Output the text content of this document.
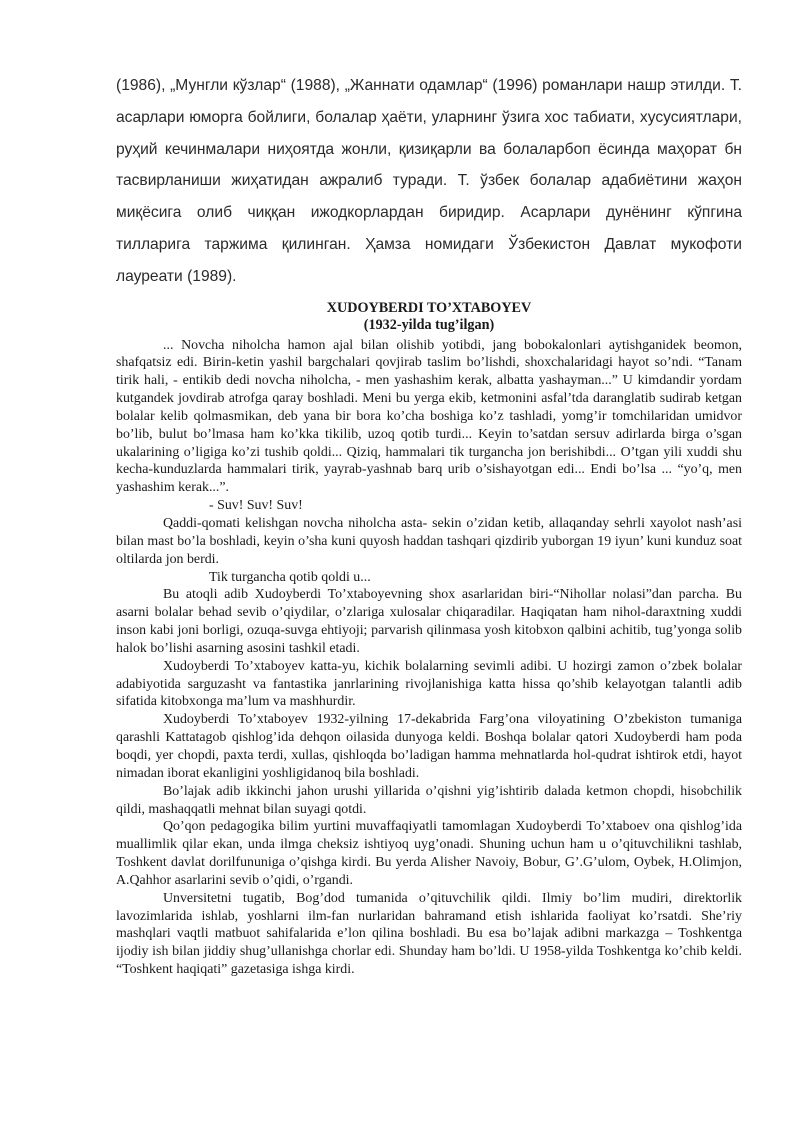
(1986), „Мунгли кўзлар“ (1988), „Жаннати одамлар“ (1996) романлари нашр этилди. Т. асарлари юморга бойлиги, болалар ҳаёти, уларнинг ўзига хос табиати, хусусиятлари, руҳий кечинмалари ниҳоятда жонли, қизиқарли ва болаларбоп ёсинда маҳорат бн тасвирланиши жиҳатидан ажралиб туради. Т. ўзбек болалар адабиётини жаҳон миқёсига олиб чиққан ижодкорлардан биридир. Асарлари дунёнинг кўпгина тилларига таржима қилинган. Ҳамза номидаги Ўзбекистон Давлат мукофоти лауреати (1989).

XUDOYBERDI TO’XTABOYEV
(1932-yilda tug’ilgan)

... Novcha niholcha hamon ajal bilan olishib yotibdi, jang bobokalonlari aytishganidek beomon, shafqatsiz edi. Birin-ketin yashil bargchalari qovjirab taslim bo’lishdi, shoxchalaridagi hayot so’ndi. “Tanam tirik hali, - entikib dedi novcha niholcha, - men yashashim kerak, albatta yashayman...” U kimdandir yordam kutgandek jovdirab atrofga qaray boshladi. Meni bu yerga ekib, ketmonini asfal’tda daranglatib sudirab ketgan bolalar kelib qolmasmikan, deb yana bir bora ko’cha boshiga ko’z tashladi, yomg’ir tomchilaridan umidvor bo’lib, bulut bo’lmasa ham ko’kka tikilib, uzoq qotib turdi... Keyin to’satdan sersuv adirlarda birga o’sgan ukalarining o’ligiga ko’zi tushib qoldi... Qiziq, hammalari tik turgancha jon berishibdi... O’tgan yili xuddi shu kecha-kunduzlarda hammalari tirik, yayrab-yashnab barq urib o’sishayotgan edi... Endi bo’lsa ... “yo’q, men yashashim kerak...”.

- Suv! Suv! Suv!

Qaddi-qomati kelishgan novcha niholcha asta- sekin o’zidan ketib, allaqanday sehrli xayolot nash’asi bilan mast bo’la boshladi, keyin o’sha kuni quyosh haddan tashqari qizdirib yuborgan 19 iyun’ kuni kunduz soat oltilarda jon berdi.

Tik turgancha qotib qoldi u...

Bu atoqli adib Xudoyberdi To’xtaboyevning shox asarlaridan biri-“Nihollar nolasi”dan parcha. Bu asarni bolalar behad sevib o’qiydilar, o’zlariga xulosalar chiqaradilar. Haqiqatan ham nihol-daraxtning xuddi inson kabi joni borligi, ozuqa-suvga ehtiyoji; parvarish qilinmasa yosh kitobxon qalbini achitib, tug’yonga solib halok bo’lishi asarning asosini tashkil etadi.

Xudoyberdi To’xtaboyev katta-yu, kichik bolalarning sevimli adibi. U hozirgi zamon o’zbek bolalar adabiyotida sarguzasht va fantastika janrlarining rivojlanishiga katta hissa qo’shib kelayotgan talantli adib sifatida kitobxonga ma’lum va mashhurdir.

Xudoyberdi To’xtaboyev 1932-yilning 17-dekabrida Farg’ona viloyatining O’zbekiston tumaniga qarashli Kattatagob qishlog’ida dehqon oilasida dunyoga keldi. Boshqa bolalar qatori Xudoyberdi ham poda boqdi, yer chopdi, paxta terdi, xullas, qishloqda bo’ladigan hamma mehnatlarda hol-qudrat ishtirok etdi, hayot nimadan iborat ekanligini yoshligidanoq bila boshladi.

Bo’lajak adib ikkinchi jahon urushi yillarida o’qishni yig’ishtirib dalada ketmon chopdi, hisobchilik qildi, mashaqqatli mehnat bilan suyagi qotdi.

Qo’qon pedagogika bilim yurtini muvaffaqiyatli tamomlagan Xudoyberdi To’xtaboev ona qishlog’ida muallimlik qilar ekan, unda ilmga cheksiz ishtiyoq uyg’onadi. Shuning uchun ham u o’qituvchilikni tashlab, Toshkent davlat dorilfununiga o’qishga kirdi. Bu yerda Alisher Navoiy, Bobur, G’.G’ulom, Oybek, H.Olimjon, A.Qahhor asarlarini sevib o’qidi, o’rgandi.

Unversitetni tugatib, Bog’dod tumanida o’qituvchilik qildi. Ilmiy bo’lim mudiri, direktorlik lavozimlarida ishlab, yoshlarni ilm-fan nurlaridan bahramand etish ishlarida faoliyat ko’rsatdi. She’riy mashqlari vaqtli matbuot sahifalarida e’lon qilina boshladi. Bu esa bo’lajak adibni markazga – Toshkentga ijodiy ish bilan jiddiy shug’ullanishga chorlar edi. Shunday ham bo’ldi. U 1958-yilda Toshkentga ko’chib keldi. “Toshkent haqiqati” gazetasiga ishga kirdi.
